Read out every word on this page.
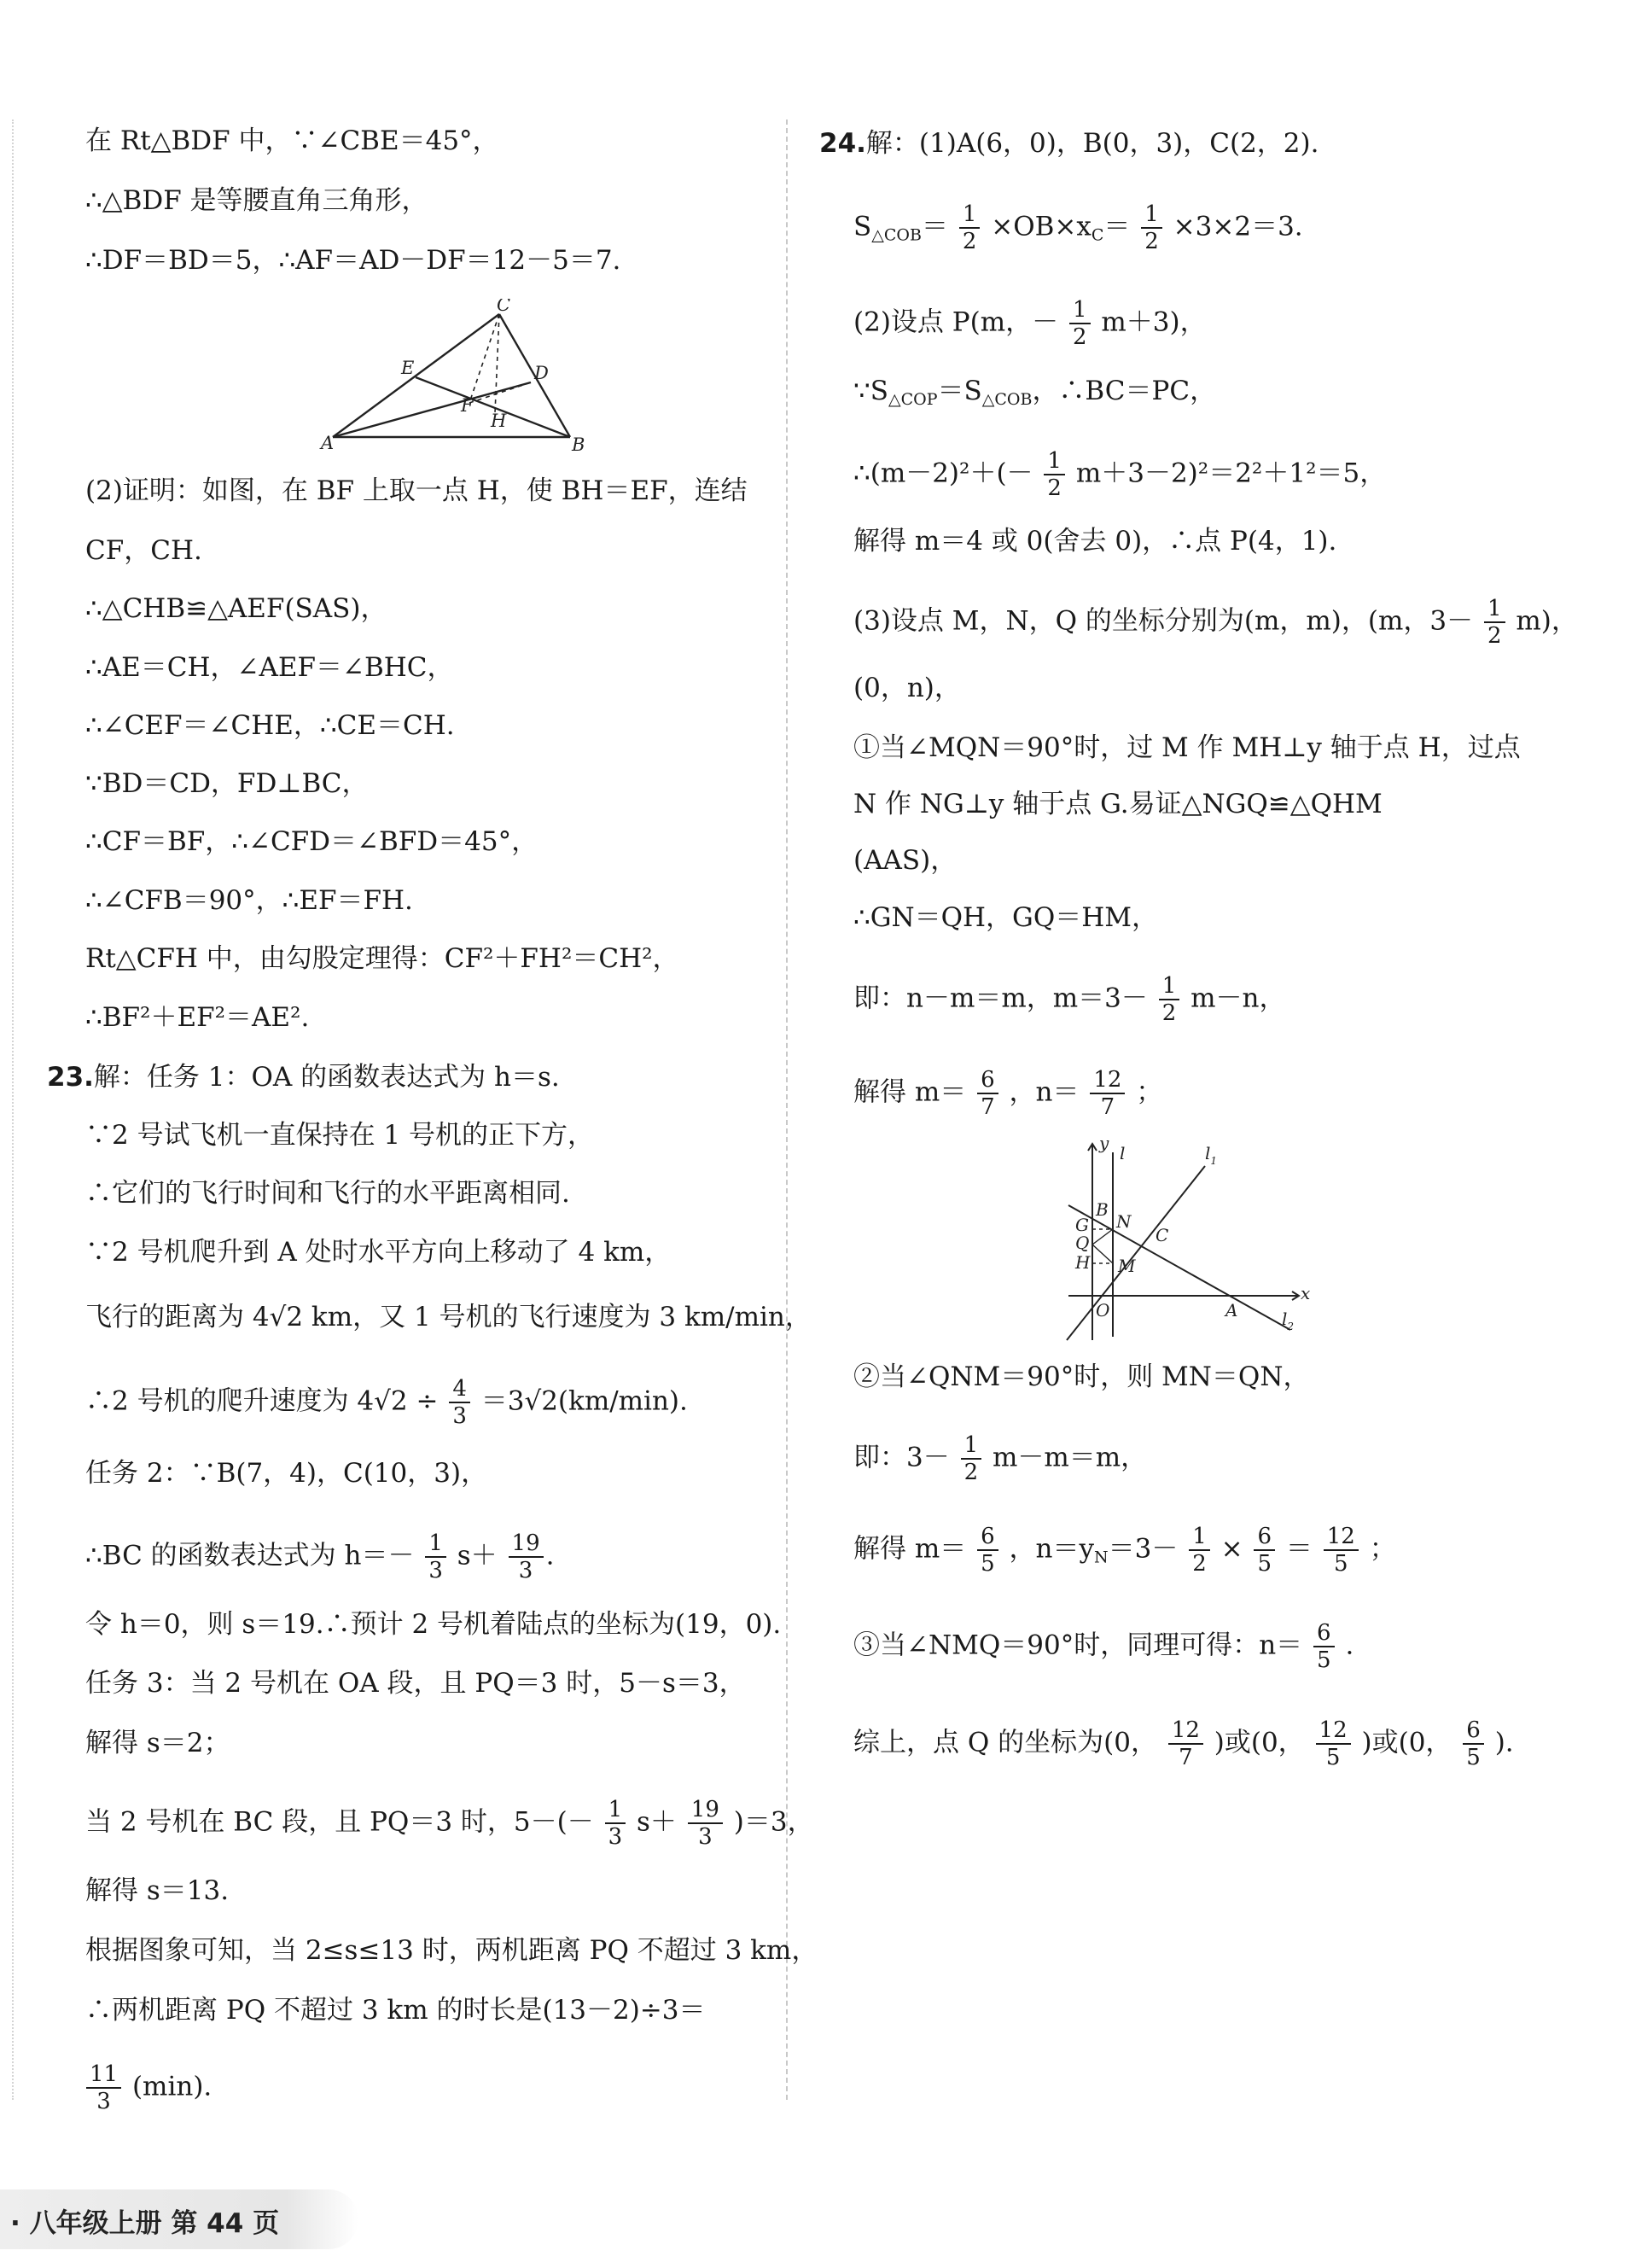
在 Rt△BDF 中，∵∠CBE＝45°，
∴△BDF 是等腰直角三角形，
∴DF＝BD＝5，∴AF＝AD－DF＝12－5＝7.
A	B
C
D
E
F
H
(2)证明：如图，在 BF 上取一点 H，使 BH＝EF，连结
CF，CH.
∴△CHB≌△AEF(SAS)，
∴AE＝CH，∠AEF＝∠BHC，
∴∠CEF＝∠CHE，∴CE＝CH.
∵BD＝CD，FD⊥BC，
∴CF＝BF，∴∠CFD＝∠BFD＝45°，
∴∠CFB＝90°，∴EF＝FH.
Rt△CFH 中，由勾股定理得：CF²＋FH²＝CH²，
∴BF²＋EF²＝AE².
23.解：任务 1：OA 的函数表达式为 h＝s.
∵2 号试飞机一直保持在 1 号机的正下方，
∴它们的飞行时间和飞行的水平距离相同.
∵2 号机爬升到 A 处时水平方向上移动了 4 km，
飞行的距离为 4√2 km，又 1 号机的飞行速度为 3 km/min，
∴2 号机的爬升速度为 $4√2 \div \frac{4}{3} =3√2(km/\min)$.
任务 2：∵B(7，4)，C(10，3)，
∴BC 的函数表达式为 $h=- \frac{1}{3} s+ \frac{19}{3}$ .
令 h＝0，则 s＝19.∴预计 2 号机着陆点的坐标为(19，0).
任务 3：当 2 号机在 OA 段，且 PQ＝3 时，5－s＝3，
解得 s＝2；
当 2 号机在 BC 段，且 PQ＝3 时，$5-(- \frac{1}{3} s+ \frac{19}{3} )=3$，
解得 s＝13.
根据图象可知，当 2≤s≤13 时，两机距离 PQ 不超过 3 km，
∴两机距离 PQ 不超过 3 km 的时长是(13－2)÷3＝
$\frac{11}{3} (\min)$.
24.解：(1)A(6，0)，B(0，3)，C(2，2).
$S_{\triangle COB}= \frac{1}{2} \times OB\times x_C= \frac{1}{2} \times 3\times 2=3$.
(2)设点 P(m，－ $\frac{1}{2} m+3$)，
$\because S_{\triangle COP}=S_{\triangle COB}$，∴BC＝PC，
∴(m－2)²＋(－ $\frac{1}{2} m+3-2)^2=2^2+1^2=5$，
解得 m＝4 或 0(舍去 0)，∴点 P(4，1).
(3)设点 M，N，Q 的坐标分别为(m，m)，(m，$3- \frac{1}{2} m$)，
(0，n)，
①当∠MQN＝90°时，过 M 作 MH⊥y 轴于点 H，过点
N 作 NG⊥y 轴于点 G.易证△NGQ≌△QHM
(AAS)，
∴GN＝QH，GQ＝HM，
即：n－m＝m，$m=3- \frac{1}{2} m-n$，
解得 $m= \frac{6}{7}$ ，$n= \frac{12}{7}$ ；
y
x
l	$l_1$
$l_2$
B
G
Q
H
N
C
M
O	A
②当∠QNM＝90°时，则 MN＝QN，
即：$3- \frac{1}{2} m-m=m$，
解得 $m= \frac{6}{5}$ ，$n=y_N=3- \frac{1}{2} \times \frac{6}{5} = \frac{12}{5}$ ；
③当∠NMQ＝90°时，同理可得：$n= \frac{6}{5}$ .
综上，点 Q 的坐标为(0， $\frac{12}{7}$ )或(0， $\frac{12}{5}$ )或(0， $\frac{6}{5}$ ).
· 八年级上册 第 44 页
